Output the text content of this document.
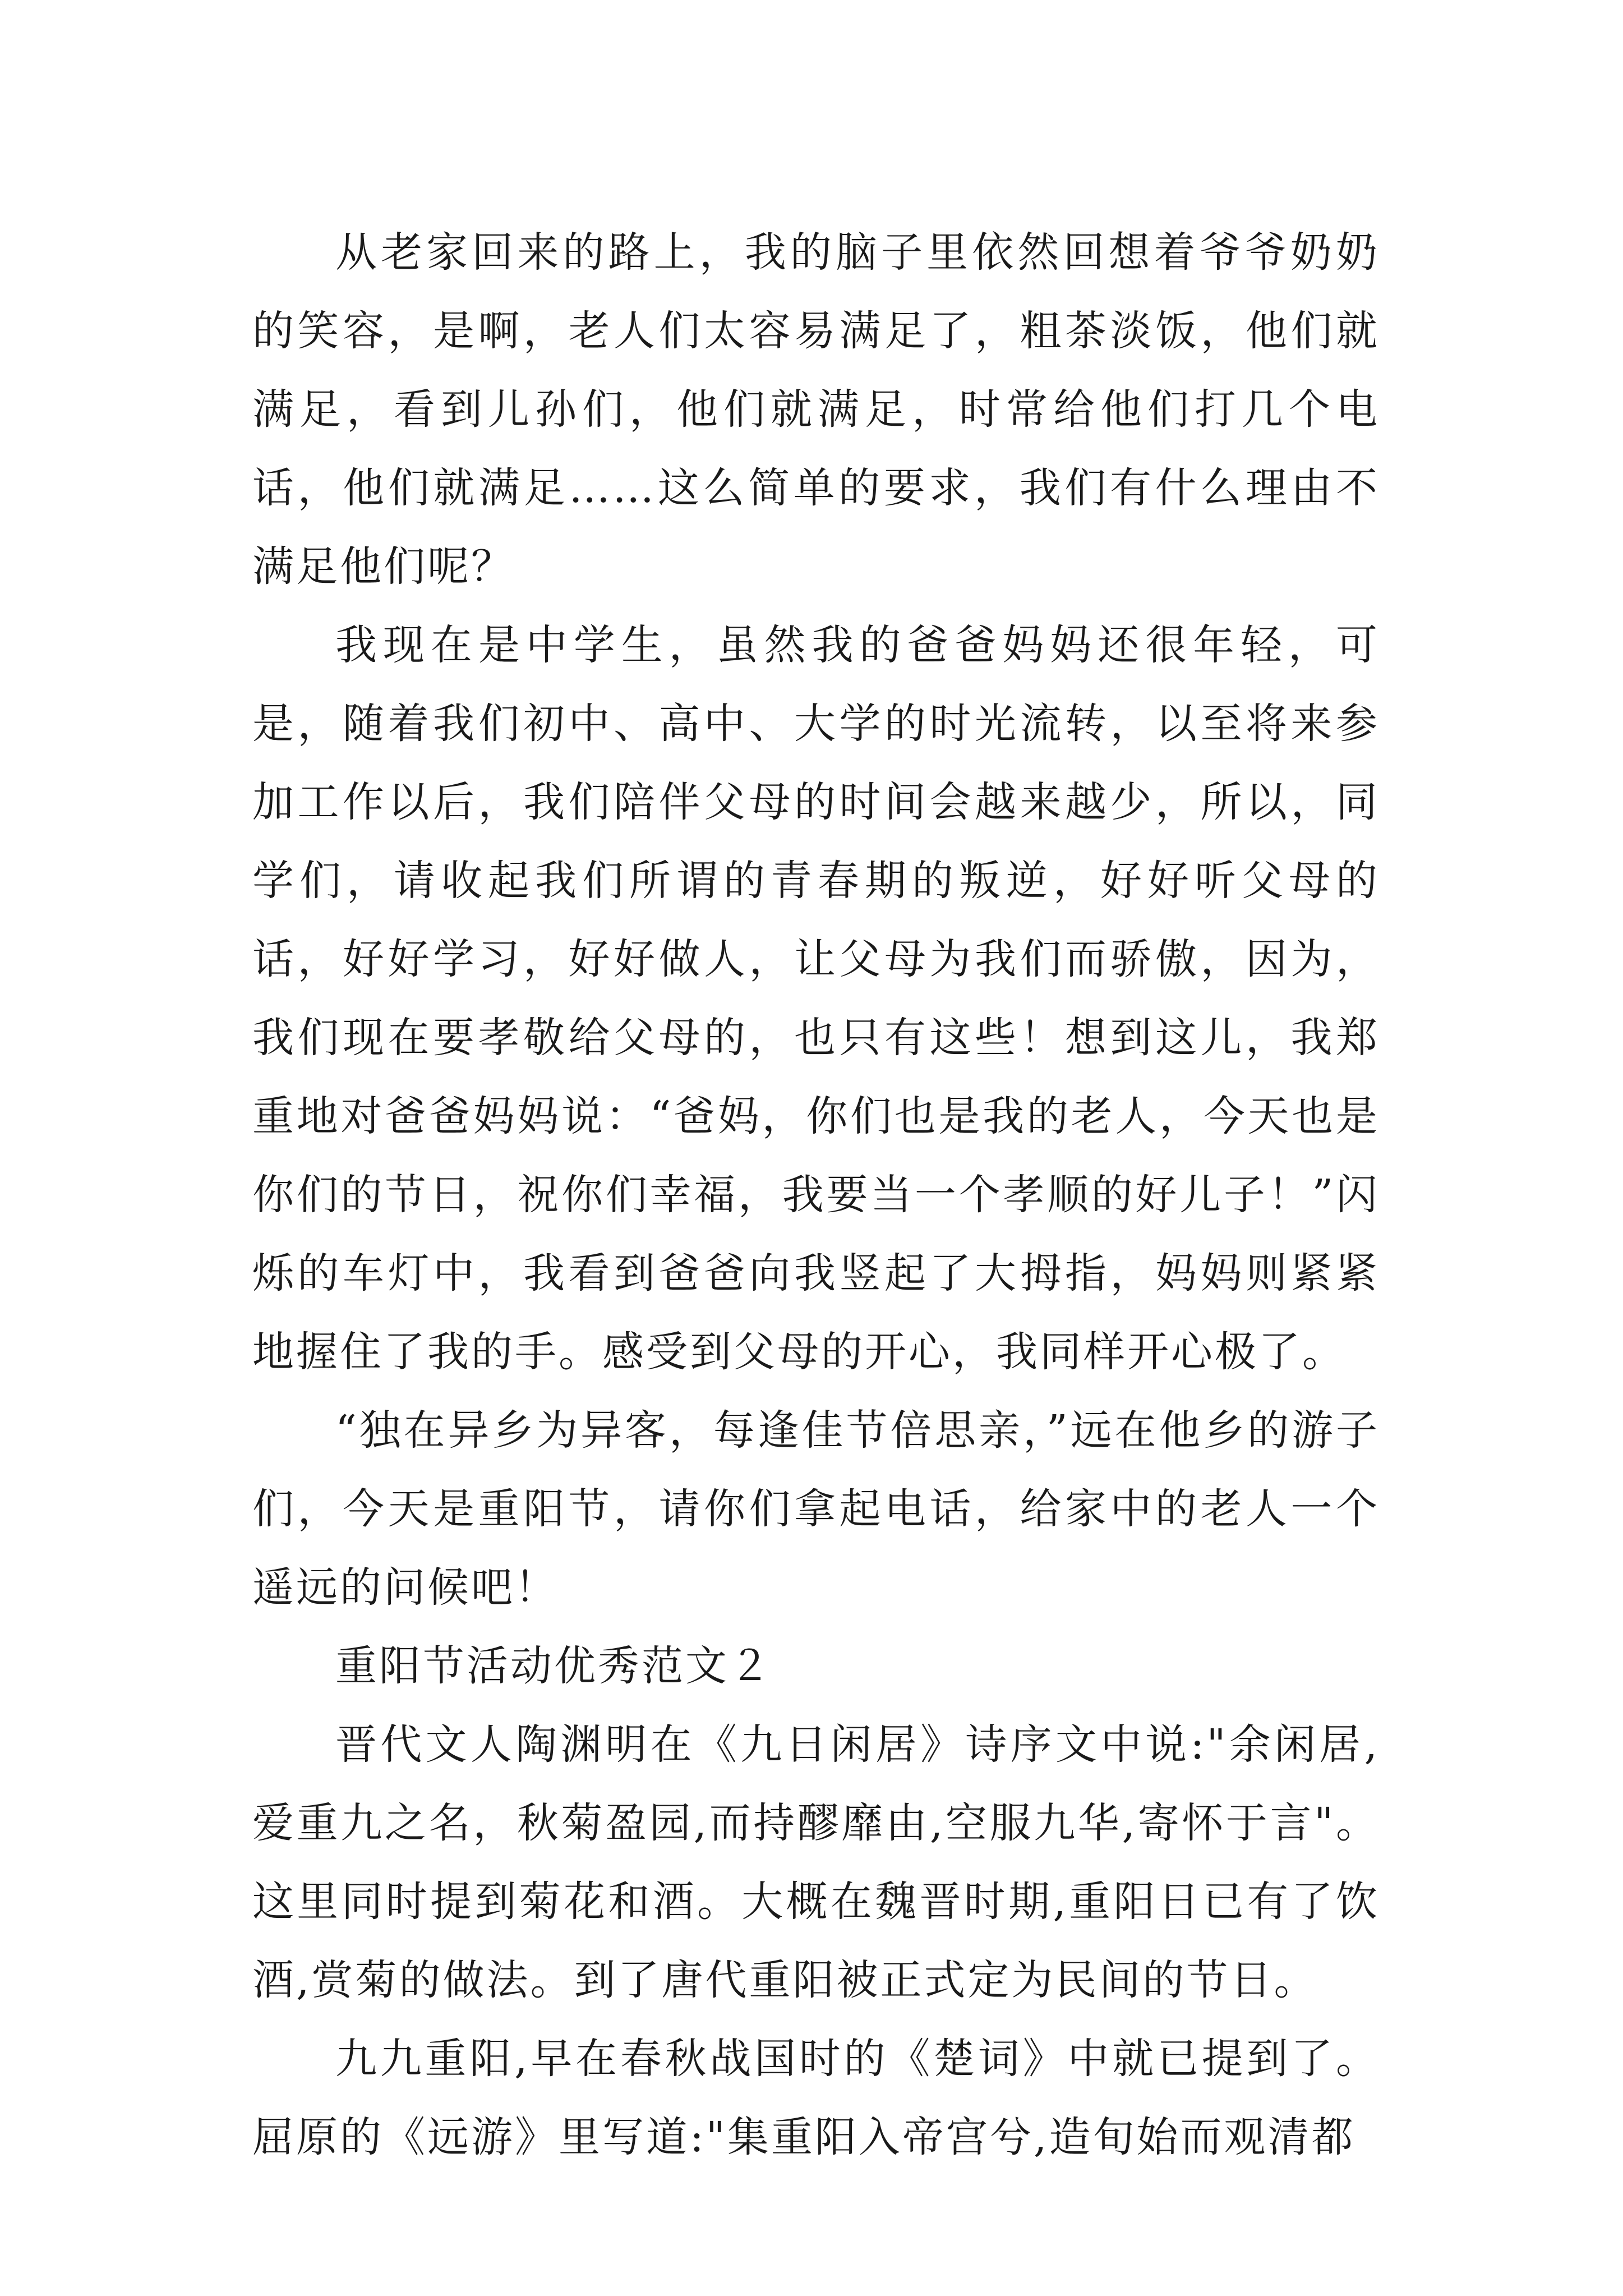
从老家回来的路上，我的脑子里依然回想着爷爷奶奶的笑容，是啊，老人们太容易满足了，粗茶淡饭，他们就满足，看到儿孙们，他们就满足，时常给他们打几个电话，他们就满足……这么简单的要求，我们有什么理由不满足他们呢？

我现在是中学生，虽然我的爸爸妈妈还很年轻，可是，随着我们初中、高中、大学的时光流转，以至将来参加工作以后，我们陪伴父母的时间会越来越少，所以，同学们，请收起我们所谓的青春期的叛逆，好好听父母的话，好好学习，好好做人，让父母为我们而骄傲，因为，我们现在要孝敬给父母的，也只有这些！想到这儿，我郑重地对爸爸妈妈说：“爸妈，你们也是我的老人，今天也是你们的节日，祝你们幸福，我要当一个孝顺的好儿子！”闪烁的车灯中，我看到爸爸向我竖起了大拇指，妈妈则紧紧地握住了我的手。感受到父母的开心，我同样开心极了。

“独在异乡为异客，每逢佳节倍思亲，”远在他乡的游子们，今天是重阳节，请你们拿起电话，给家中的老人一个遥远的问候吧！

重阳节活动优秀范文２

晋代文人陶渊明在《九日闲居》诗序文中说:"余闲居,爱重九之名，秋菊盈园,而持醪靡由,空服九华,寄怀于言"。这里同时提到菊花和酒。大概在魏晋时期,重阳日已有了饮酒,赏菊的做法。到了唐代重阳被正式定为民间的节日。

九九重阳,早在春秋战国时的《楚词》中就已提到了。屈原的《远游》里写道:"集重阳入帝宫兮,造旬始而观清都
